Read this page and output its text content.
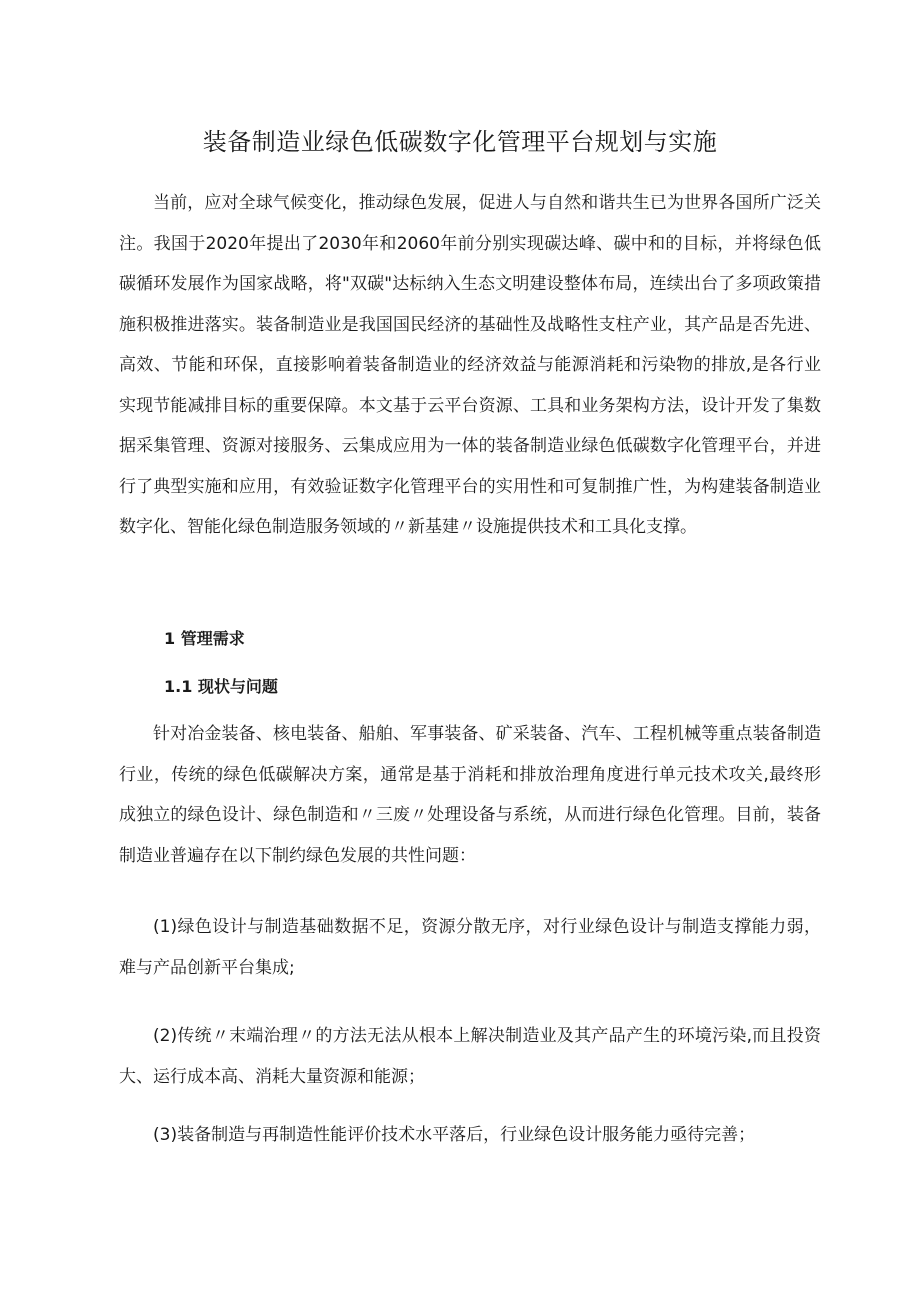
装备制造业绿色低碳数字化管理平台规划与实施

当前，应对全球气候变化，推动绿色发展，促进人与自然和谐共生已为世界各国所广泛关注。我国于2020年提出了2030年和2060年前分别实现碳达峰、碳中和的目标，并将绿色低碳循环发展作为国家战略，将"双碳"达标纳入生态文明建设整体布局，连续出台了多项政策措施积极推进落实。装备制造业是我国国民经济的基础性及战略性支柱产业，其产品是否先进、高效、节能和环保，直接影响着装备制造业的经济效益与能源消耗和污染物的排放,是各行业实现节能减排目标的重要保障。本文基于云平台资源、工具和业务架构方法，设计开发了集数据采集管理、资源对接服务、云集成应用为一体的装备制造业绿色低碳数字化管理平台，并进行了典型实施和应用，有效验证数字化管理平台的实用性和可复制推广性，为构建装备制造业数字化、智能化绿色制造服务领域的〃新基建〃设施提供技术和工具化支撑。

1 管理需求
1.1 现状与问题

针对冶金装备、核电装备、船舶、军事装备、矿采装备、汽车、工程机械等重点装备制造行业，传统的绿色低碳解决方案，通常是基于消耗和排放治理角度进行单元技术攻关,最终形成独立的绿色设计、绿色制造和〃三废〃处理设备与系统，从而进行绿色化管理。目前，装备制造业普遍存在以下制约绿色发展的共性问题：

(1)绿色设计与制造基础数据不足，资源分散无序，对行业绿色设计与制造支撑能力弱，难与产品创新平台集成;

(2)传统〃末端治理〃的方法无法从根本上解决制造业及其产品产生的环境污染,而且投资大、运行成本高、消耗大量资源和能源；

(3)装备制造与再制造性能评价技术水平落后，行业绿色设计服务能力亟待完善；
